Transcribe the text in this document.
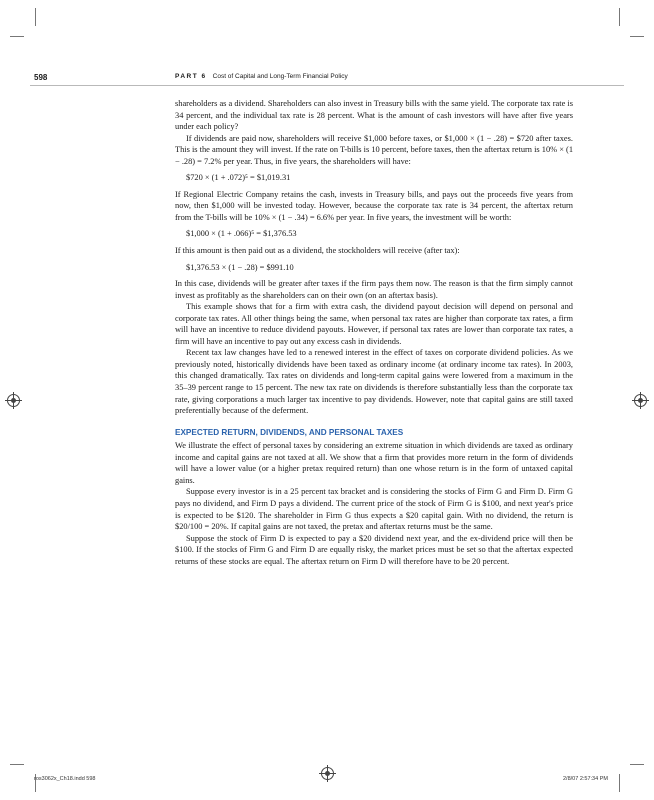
598	PART 6 Cost of Capital and Long-Term Financial Policy

shareholders as a dividend. Shareholders can also invest in Treasury bills with the same yield. The corporate tax rate is 34 percent, and the individual tax rate is 28 percent. What is the amount of cash investors will have after five years under each policy?

If dividends are paid now, shareholders will receive $1,000 before taxes, or $1,000 × (1 − .28) = $720 after taxes. This is the amount they will invest. If the rate on T-bills is 10 percent, before taxes, then the aftertax return is 10% × (1 − .28) = 7.2% per year. Thus, in five years, the shareholders will have:

$720 × (1 + .072)⁵ = $1,019.31

If Regional Electric Company retains the cash, invests in Treasury bills, and pays out the proceeds five years from now, then $1,000 will be invested today. However, because the corporate tax rate is 34 percent, the aftertax return from the T-bills will be 10% × (1 − .34) = 6.6% per year. In five years, the investment will be worth:

$1,000 × (1 + .066)⁵ = $1,376.53

If this amount is then paid out as a dividend, the stockholders will receive (after tax):

$1,376.53 × (1 − .28) = $991.10

In this case, dividends will be greater after taxes if the firm pays them now. The reason is that the firm simply cannot invest as profitably as the shareholders can on their own (on an aftertax basis).

This example shows that for a firm with extra cash, the dividend payout decision will depend on personal and corporate tax rates. All other things being the same, when personal tax rates are higher than corporate tax rates, a firm will have an incentive to reduce dividend payouts. However, if personal tax rates are lower than corporate tax rates, a firm will have an incentive to pay out any excess cash in dividends.

Recent tax law changes have led to a renewed interest in the effect of taxes on corporate dividend policies. As we previously noted, historically dividends have been taxed as ordinary income (at ordinary income tax rates). In 2003, this changed dramatically. Tax rates on dividends and long-term capital gains were lowered from a maximum in the 35–39 percent range to 15 percent. The new tax rate on dividends is therefore substantially less than the corporate tax rate, giving corporations a much larger tax incentive to pay dividends. However, note that capital gains are still taxed preferentially because of the deferment.

EXPECTED RETURN, DIVIDENDS, AND PERSONAL TAXES

We illustrate the effect of personal taxes by considering an extreme situation in which dividends are taxed as ordinary income and capital gains are not taxed at all. We show that a firm that provides more return in the form of dividends will have a lower value (or a higher pretax required return) than one whose return is in the form of untaxed capital gains.

Suppose every investor is in a 25 percent tax bracket and is considering the stocks of Firm G and Firm D. Firm G pays no dividend, and Firm D pays a dividend. The current price of the stock of Firm G is $100, and next year's price is expected to be $120. The shareholder in Firm G thus expects a $20 capital gain. With no dividend, the return is $20/100 = 20%. If capital gains are not taxed, the pretax and aftertax returns must be the same.

Suppose the stock of Firm D is expected to pay a $20 dividend next year, and the ex-dividend price will then be $100. If the stocks of Firm G and Firm D are equally risky, the market prices must be set so that the aftertax expected returns of these stocks are equal. The aftertax return on Firm D will therefore have to be 20 percent.

ros3062x_Ch18.indd 598	2/8/07 2:57:34 PM
